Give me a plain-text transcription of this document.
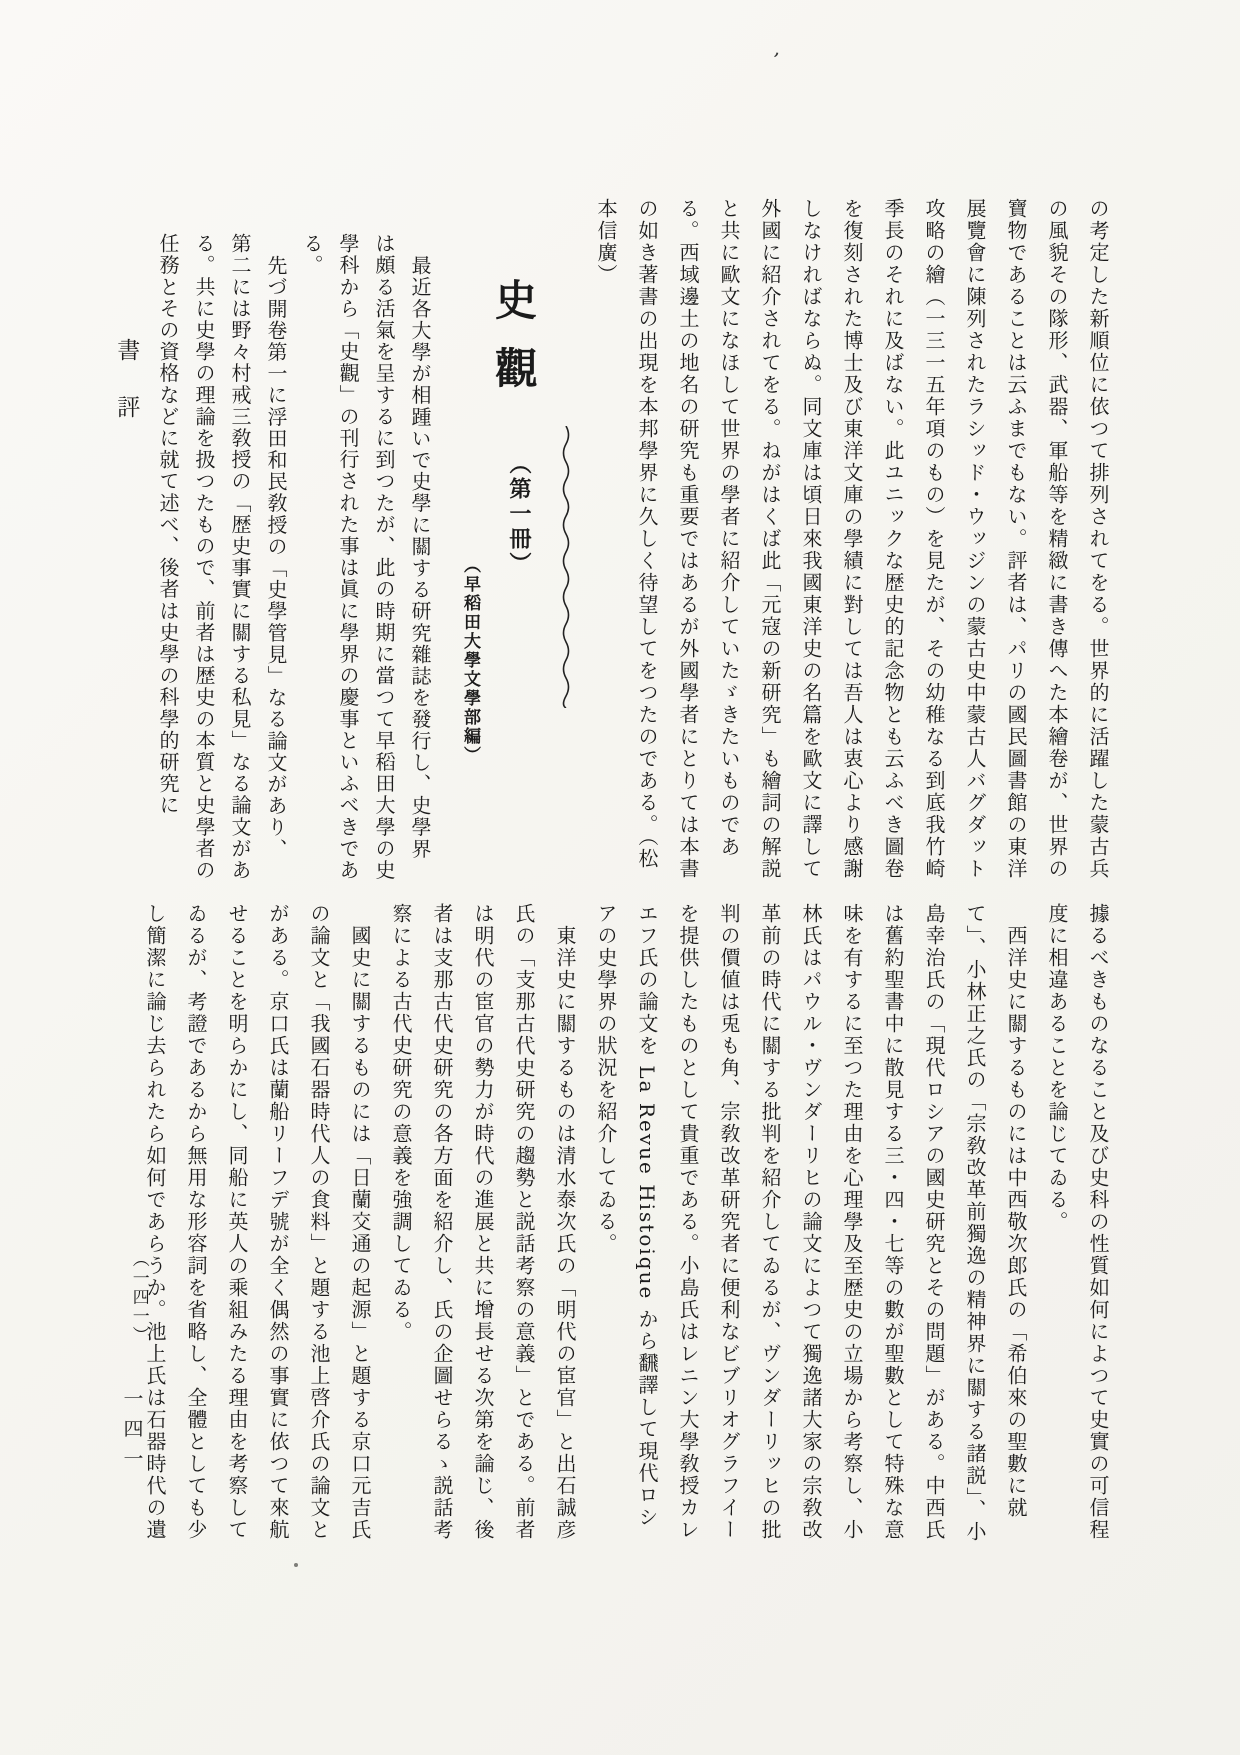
書評	の考定した新順位に依つて排列されてをる。世界的に活躍した蒙古兵の風貌その隊形、武器、軍船等を精緻に書き傳へた本繪卷が、世界の寶物であることは云ふまでもない。評者は、パリの國民圖書館の東洋展覽會に陳列されたラシッド・ウッジンの蒙古史中蒙古人バグダット攻略の繪（一三一五年項のもの）を見たが、その幼稚なる到底我竹崎季長のそれに及ばない。此ユニックな歴史的記念物とも云ふべき圖卷を復刻された博士及び東洋文庫の學績に對しては吾人は衷心より感謝しなければならぬ。同文庫は頃日來我國東洋史の名篇を歐文に譯して外國に紹介されてをる。ねがはくば此「元寇の新研究」も繪詞の解説と共に歐文になほして世界の學者に紹介していたゞきたいものである。西域邊土の地名の研究も重要ではあるが外國學者にとりては本書の如き著書の出現を本邦學界に久しく待望してをつたのである。（松本信廣）

史觀
（第一冊）
（早稻田大學文學部編）

最近各大學が相踵いで史學に關する研究雜誌を發行し、史學界は頗る活氣を呈するに到つたが、此の時期に當つて早稻田大學の史學科から「史觀」の刊行された事は眞に學界の慶事といふべきである。

先づ開卷第一に浮田和民敎授の「史學管見」なる論文があり、第二には野々村戒三敎授の「歴史事實に關する私見」なる論文がある。共に史學の理論を扱つたもので、前者は歴史の本質と史學者の任務とその資格などに就て述べ、後者は史學の科學的研究に

據るべきものなること及び史科の性質如何によつて史實の可信程度に相違あることを論じてゐる。

西洋史に關するものには中西敬次郎氏の「希伯來の聖數に就て」、小林正之氏の「宗敎改革前獨逸の精神界に關する諸説」、小島幸治氏の「現代ロシアの國史研究とその問題」がある。中西氏は舊約聖書中に散見する三・四・七等の數が聖數として特殊な意味を有するに至つた理由を心理學及至歴史の立場から考察し、小林氏はパウル・ヴンダーリヒの論文によつて獨逸諸大家の宗敎改革前の時代に關する批判を紹介してゐるが、ヴンダーリッヒの批判の價値は兎も角、宗敎改革研究者に便利なビブリオグラフイーを提供したものとして貴重である。小島氏はレニン大學敎授カレエフ氏の論文を La Revue Histoique から飜譯して現代ロシアの史學界の狀況を紹介してゐる。

東洋史に關するものは清水泰次氏の「明代の宦官」と出石誠彦氏の「支那古代史研究の趨勢と説話考察の意義」とである。前者は明代の宦官の勢力が時代の進展と共に增長せる次第を論じ、後者は支那古代史研究の各方面を紹介し、氏の企圖せらるゝ説話考察による古代史研究の意義を強調してゐる。

國史に關するものには「日蘭交通の起源」と題する京口元吉氏の論文と「我國石器時代人の食料」と題する池上啓介氏の論文とがある。京口氏は蘭船リーフデ號が全く偶然の事實に依つて來航せることを明らかにし、同船に英人の乘組みたる理由を考察してゐるが、考證であるから無用な形容詞を省略し、全體としても少し簡潔に論じ去られたら如何であらうか。池上氏は石器時代の遺

（一四一）
一四一
’
